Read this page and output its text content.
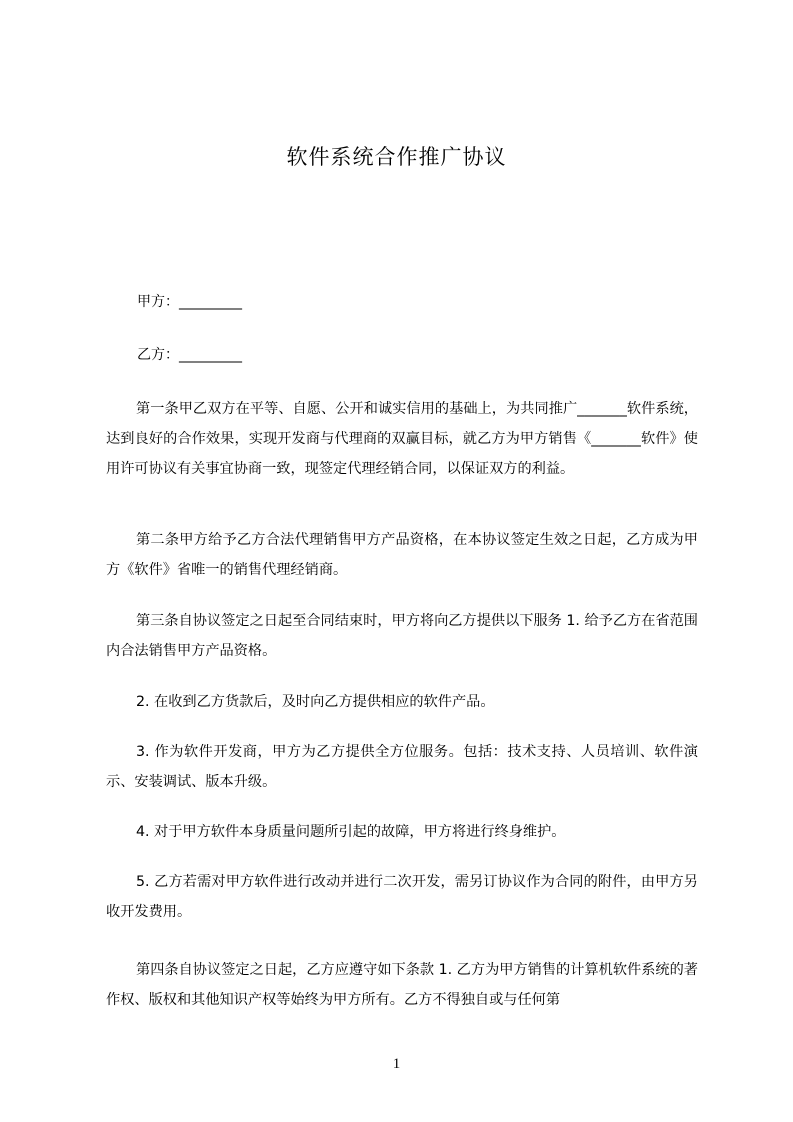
软件系统合作推广协议
甲方：_________
乙方：_________

第一条甲乙双方在平等、自愿、公开和诚实信用的基础上，为共同推广_______软件系统，达到良好的合作效果，实现开发商与代理商的双赢目标，就乙方为甲方销售《_______软件》使用许可协议有关事宜协商一致，现签定代理经销合同，以保证双方的利益。

第二条甲方给予乙方合法代理销售甲方产品资格，在本协议签定生效之日起，乙方成为甲方《软件》省唯一的销售代理经销商。

第三条自协议签定之日起至合同结束时，甲方将向乙方提供以下服务 1. 给予乙方在省范围内合法销售甲方产品资格。

2. 在收到乙方货款后，及时向乙方提供相应的软件产品。

3. 作为软件开发商，甲方为乙方提供全方位服务。包括：技术支持、人员培训、软件演示、安装调试、版本升级。

4. 对于甲方软件本身质量问题所引起的故障，甲方将进行终身维护。

5. 乙方若需对甲方软件进行改动并进行二次开发，需另订协议作为合同的附件，由甲方另收开发费用。

第四条自协议签定之日起，乙方应遵守如下条款 1. 乙方为甲方销售的计算机软件系统的著作权、版权和其他知识产权等始终为甲方所有。乙方不得独自或与任何第

1
